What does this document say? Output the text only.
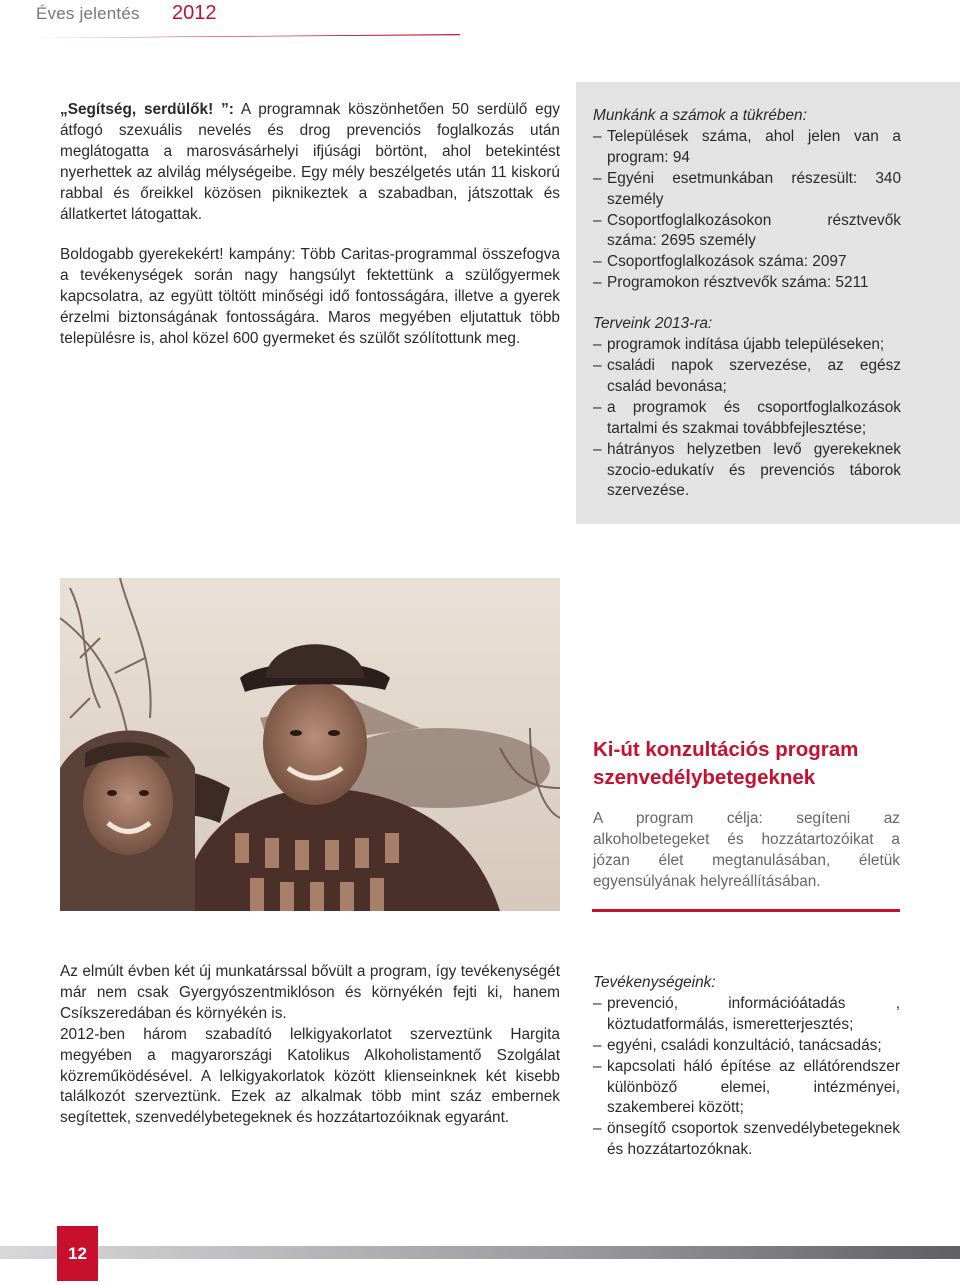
Éves jelentés 2012

„Segítség, serdülők! ”: A programnak köszönhetően 50 serdülő egy átfogó szexuális nevelés és drog prevenciós foglalkozás után meglátogatta a marosvásárhelyi ifjúsági börtönt, ahol betekintést nyerhettek az alvilág mélységeibe. Egy mély beszélgetés után 11 kiskorú rabbal és őreikkel közösen piknikeztek a szabadban, játszottak és állatkertet látogattak.

Boldogabb gyerekekért! kampány: Több Caritas-programmal összefogva a tevékenységek során nagy hangsúlyt fektettünk a szülőgyermek kapcsolatra, az együtt töltött minőségi idő fontosságára, illetve a gyerek érzelmi biztonságának fontosságára. Maros megyében eljutattuk több településre is, ahol közel 600 gyermeket és szülőt szólítottunk meg.

Munkánk a számok a tükrében:

– Települések száma, ahol jelen van a program: 94
– Egyéni esetmunkában részesült: 340 személy
– Csoportfoglalkozásokon résztvevők száma: 2695 személy
– Csoportfoglalkozások száma: 2097
– Programokon résztvevők száma: 5211

Terveink 2013-ra:

– programok indítása újabb településeken;
– családi napok szervezése, az egész család bevonása;
– a programok és csoportfoglalkozások tartalmi és szakmai továbbfejlesztése;
– hátrányos helyzetben levő gyerekeknek szocio-edukatív és prevenciós táborok szervezése.
Ki-út konzultációs program szenvedélybetegeknek
A program célja: segíteni az alkoholbetegeket és hozzátartozóikat a józan élet megtanulásában, életük egyensúlyának helyreállításában.

Az elmúlt évben két új munkatárssal bővült a program, így tevékenységét már nem csak Gyergyószentmiklóson és környékén fejti ki, hanem Csíkszeredában és környékén is.

2012-ben három szabadító lelkigyakorlatot szerveztünk Hargita megyében a magyarországi Katolikus Alkoholistamentő Szolgálat közreműködésével. A lelkigyakorlatok között klienseinknek két kisebb találkozót szerveztünk. Ezek az alkalmak több mint száz embernek segítettek, szenvedélybetegeknek és hozzátartozóiknak egyaránt.

Tevékenységeink:

– prevenció, információátadás , köztudatformálás, ismeretterjesztés;
– egyéni, családi konzultáció, tanácsadás;
– kapcsolati háló építése az ellátórendszer különböző elemei, intézményei, szakemberei között;
– önsegítő csoportok szenvedélybetegeknek és hozzátartozóknak.
12
